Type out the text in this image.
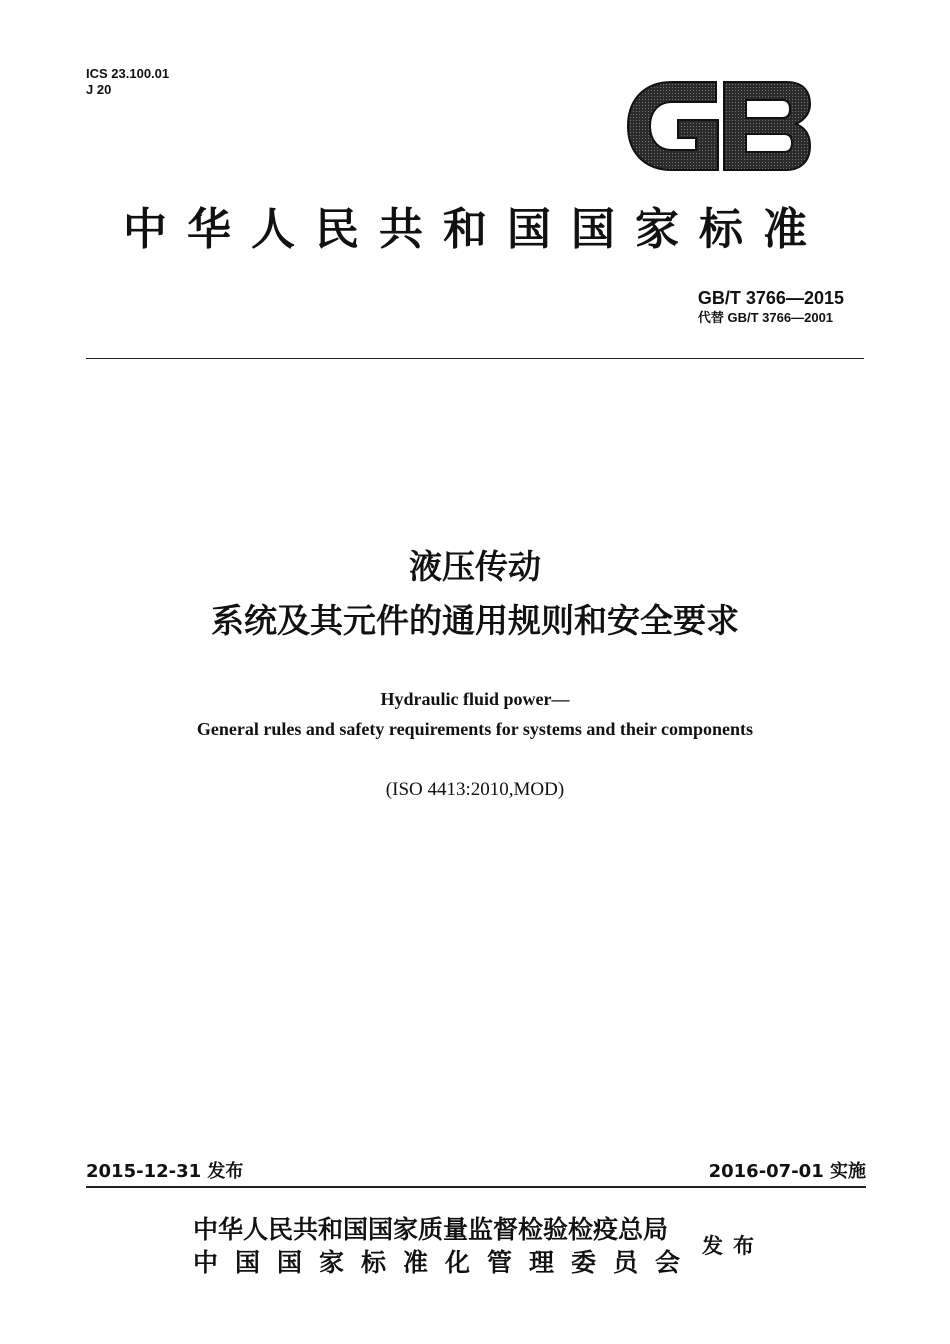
ICS 23.100.01
J 20
中华人民共和国国家标准
GB/T 3766—2015
代替 GB/T 3766—2001
液压传动
系统及其元件的通用规则和安全要求
Hydraulic fluid power—
General rules and safety requirements for systems and their components
(ISO 4413:2010,MOD)
2015-12-31 发布	2016-07-01 实施
中华人民共和国国家质量监督检验检疫总局
中国国家标准化管理委员会
发布
